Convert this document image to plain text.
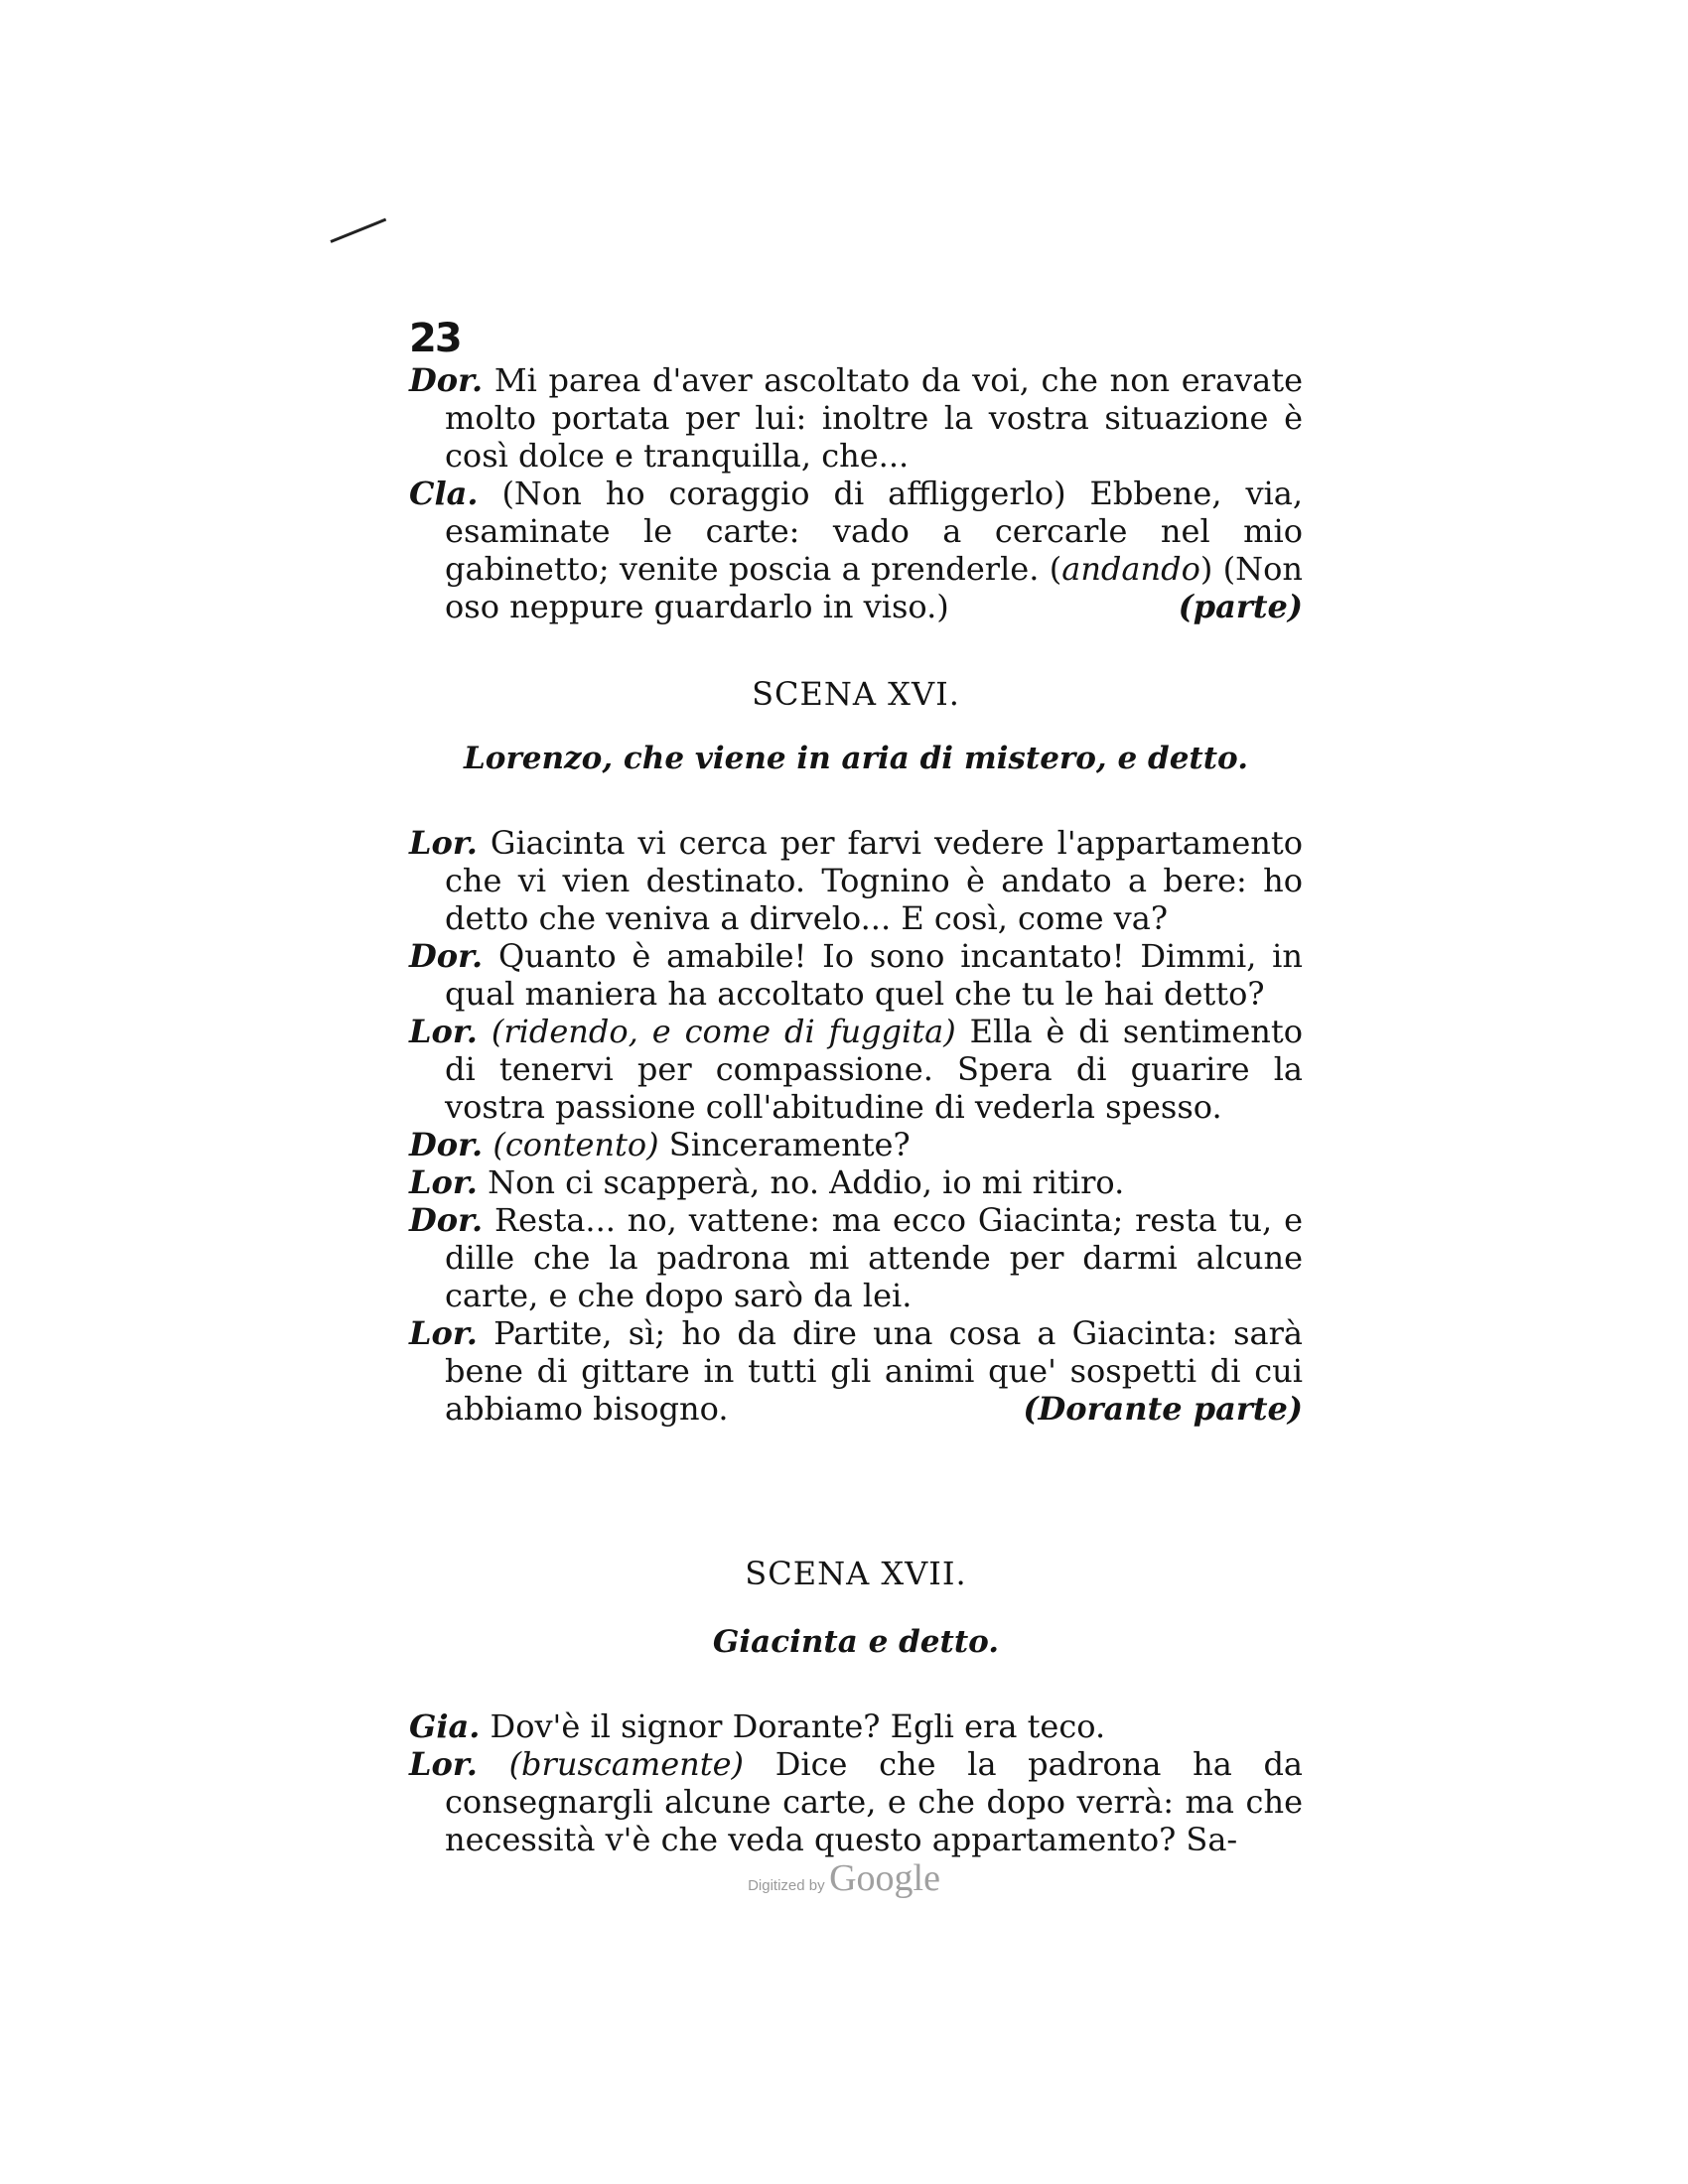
23

Dor. Mi parea d'aver ascoltato da voi, che non eravate molto portata per lui: inoltre la vostra situazione è così dolce e tranquilla, che...

Cla. (Non ho coraggio di affliggerlo) Ebbene, via, esaminate le carte: vado a cercarle nel mio gabinetto; venite poscia a prenderle. (andando) (Non oso neppure guardarlo in viso.)	(parte)

SCENA XVI.
Lorenzo, che viene in aria di mistero, e detto.

Lor. Giacinta vi cerca per farvi vedere l'appartamento che vi vien destinato. Tognino è andato a bere: ho detto che veniva a dirvelo... E così, come va?

Dor. Quanto è amabile! Io sono incantato! Dimmi, in qual maniera ha accoltato quel che tu le hai detto?

Lor. (ridendo, e come di fuggita) Ella è di sentimento di tenervi per compassione. Spera di guarire la vostra passione coll'abitudine di vederla spesso.

Dor. (contento) Sinceramente?

Lor. Non ci scapperà, no. Addio, io mi ritiro.

Dor. Resta... no, vattene: ma ecco Giacinta; resta tu, e dille che la padrona mi attende per darmi alcune carte, e che dopo sarò da lei.

Lor. Partite, sì; ho da dire una cosa a Giacinta: sarà bene di gittare in tutti gli animi que' sospetti di cui abbiamo bisogno.	(Dorante parte)

SCENA XVII.
Giacinta e detto.

Gia. Dov'è il signor Dorante? Egli era teco.

Lor. (bruscamente) Dice che la padrona ha da consegnargli alcune carte, e che dopo verrà: ma che necessità v'è che veda questo appartamento? Sa-

Digitized by Google
